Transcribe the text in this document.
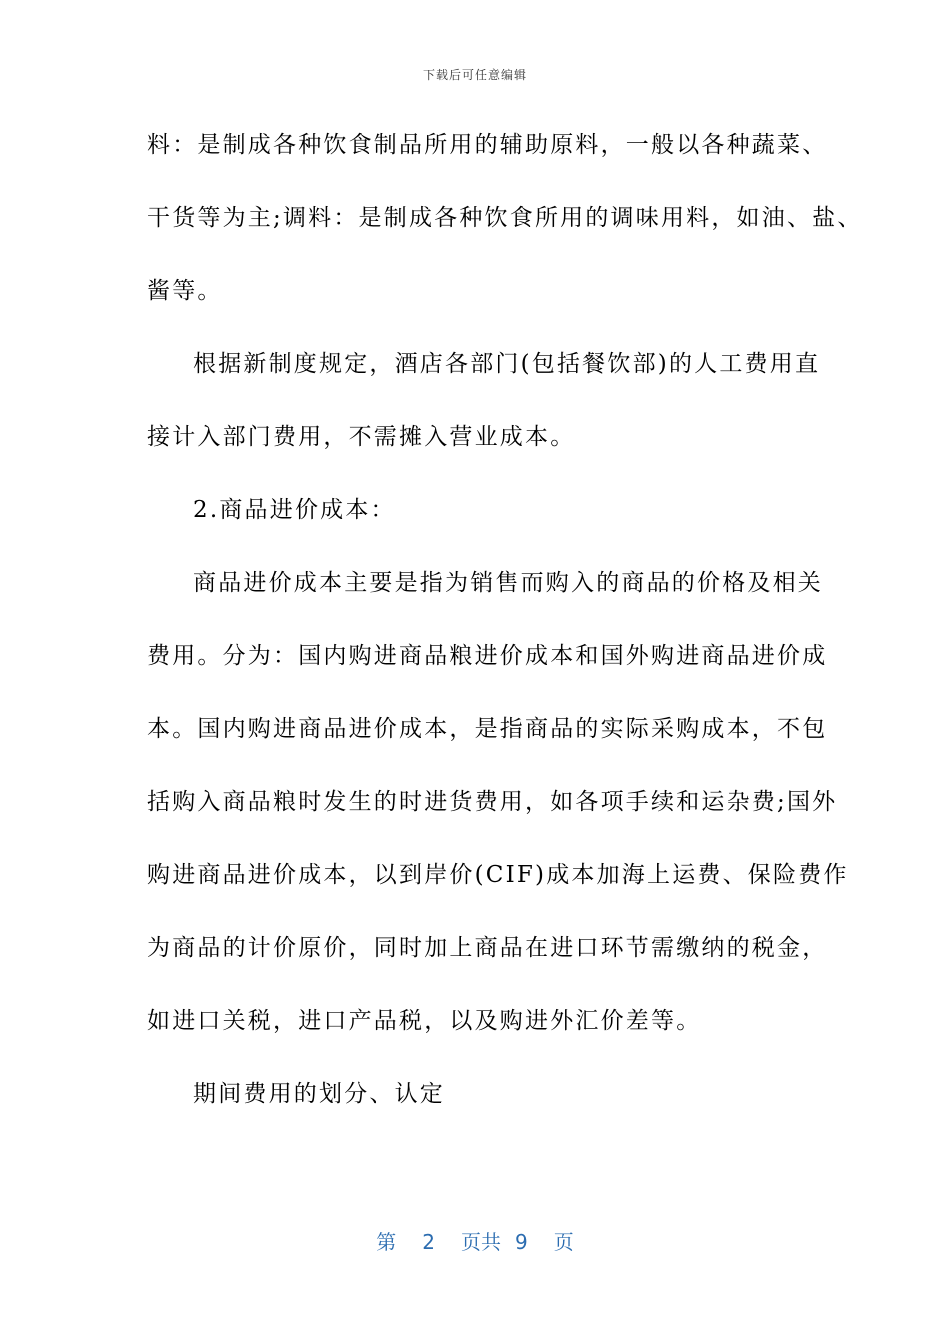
下载后可任意编辑
料：是制成各种饮食制品所用的辅助原料，一般以各种蔬菜、
干货等为主;调料：是制成各种饮食所用的调味用料，如油、盐、
酱等。
根据新制度规定，酒店各部门(包括餐饮部)的人工费用直
接计入部门费用，不需摊入营业成本。
2.商品进价成本：
商品进价成本主要是指为销售而购入的商品的价格及相关
费用。分为：国内购进商品粮进价成本和国外购进商品进价成
本。国内购进商品进价成本，是指商品的实际采购成本，不包
括购入商品粮时发生的时进货费用，如各项手续和运杂费;国外
购进商品进价成本，以到岸价(CIF)成本加海上运费、保险费作
为商品的计价原价，同时加上商品在进口环节需缴纳的税金，
如进口关税，进口产品税，以及购进外汇价差等。
期间费用的划分、认定
第 2 页共 9 页
